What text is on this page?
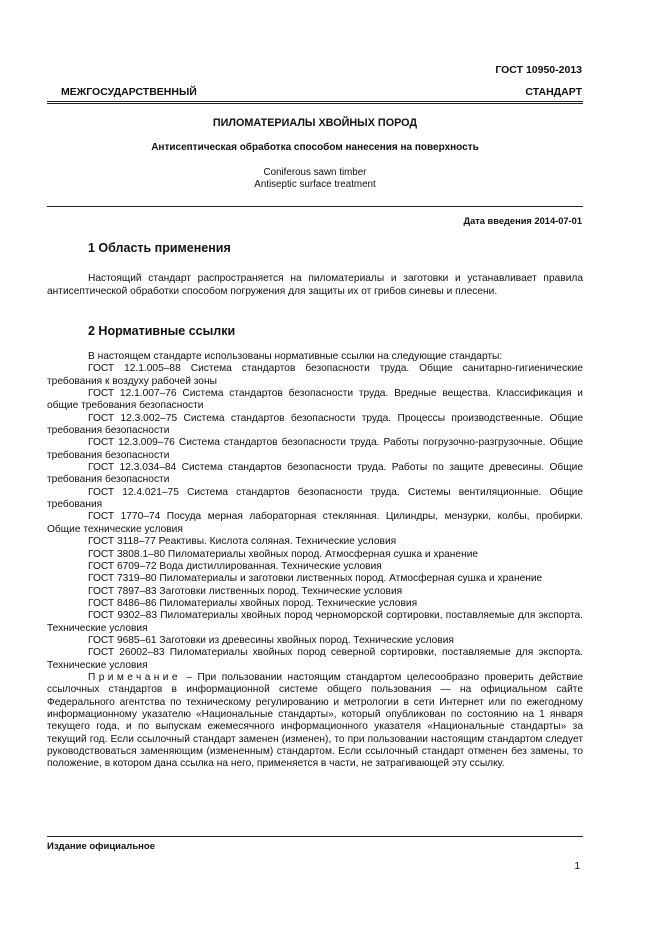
ГОСТ 10950-2013
МЕЖГОСУДАРСТВЕННЫЙ СТАНДАРТ
ПИЛОМАТЕРИАЛЫ ХВОЙНЫХ ПОРОД
Антисептическая обработка способом нанесения на поверхность
Coniferous sawn timber
Antiseptic surface treatment
Дата введения 2014-07-01
1 Область применения

Настоящий стандарт распространяется на пиломатериалы и заготовки и устанавливает правила антисептической обработки способом погружения для защиты их от грибов синевы и плесени.

2 Нормативные ссылки

В настоящем стандарте использованы нормативные ссылки на следующие стандарты:

ГОСТ 12.1.005–88 Система стандартов безопасности труда. Общие санитарно-гигиенические требования к воздуху рабочей зоны

ГОСТ 12.1.007–76 Система стандартов безопасности труда. Вредные вещества. Классификация и общие требования безопасности

ГОСТ 12.3.002–75 Система стандартов безопасности труда. Процессы производственные. Общие требования безопасности

ГОСТ 12.3.009–76 Система стандартов безопасности труда. Работы погрузочно-разгрузочные. Общие требования безопасности

ГОСТ 12.3.034–84 Система стандартов безопасности труда. Работы по защите древесины. Общие требования безопасности

ГОСТ 12.4.021–75 Система стандартов безопасности труда. Системы вентиляционные. Общие требования

ГОСТ 1770–74 Посуда мерная лабораторная стеклянная. Цилиндры, мензурки, колбы, пробирки. Общие технические условия

ГОСТ 3118–77 Реактивы. Кислота соляная. Технические условия

ГОСТ 3808.1–80 Пиломатериалы хвойных пород. Атмосферная сушка и хранение

ГОСТ 6709–72 Вода дистиллированная. Технические условия

ГОСТ 7319–80 Пиломатериалы и заготовки лиственных пород. Атмосферная сушка и хранение

ГОСТ 7897–83 Заготовки лиственных пород. Технические условия

ГОСТ 8486–86 Пиломатериалы хвойных пород. Технические условия

ГОСТ 9302–83 Пиломатериалы хвойных пород черноморской сортировки, поставляемые для экспорта. Технические условия

ГОСТ 9685–61 Заготовки из древесины хвойных пород. Технические условия

ГОСТ 26002–83 Пиломатериалы хвойных пород северной сортировки, поставляемые для экспорта. Технические условия

Примечание – При пользовании настоящим стандартом целесообразно проверить действие ссылочных стандартов в информационной системе общего пользования — на официальном сайте Федерального агентства по техническому регулированию и метрологии в сети Интернет или по ежегодному информационному указателю «Национальные стандарты», который опубликован по состоянию на 1 января текущего года, и по выпускам ежемесячного информационного указателя «Национальные стандарты» за текущий год. Если ссылочный стандарт заменен (изменен), то при пользовании настоящим стандартом следует руководствоваться заменяющим (измененным) стандартом. Если ссылочный стандарт отменен без замены, то положение, в котором дана ссылка на него, применяется в части, не затрагивающей эту ссылку.

Издание официальное
1
